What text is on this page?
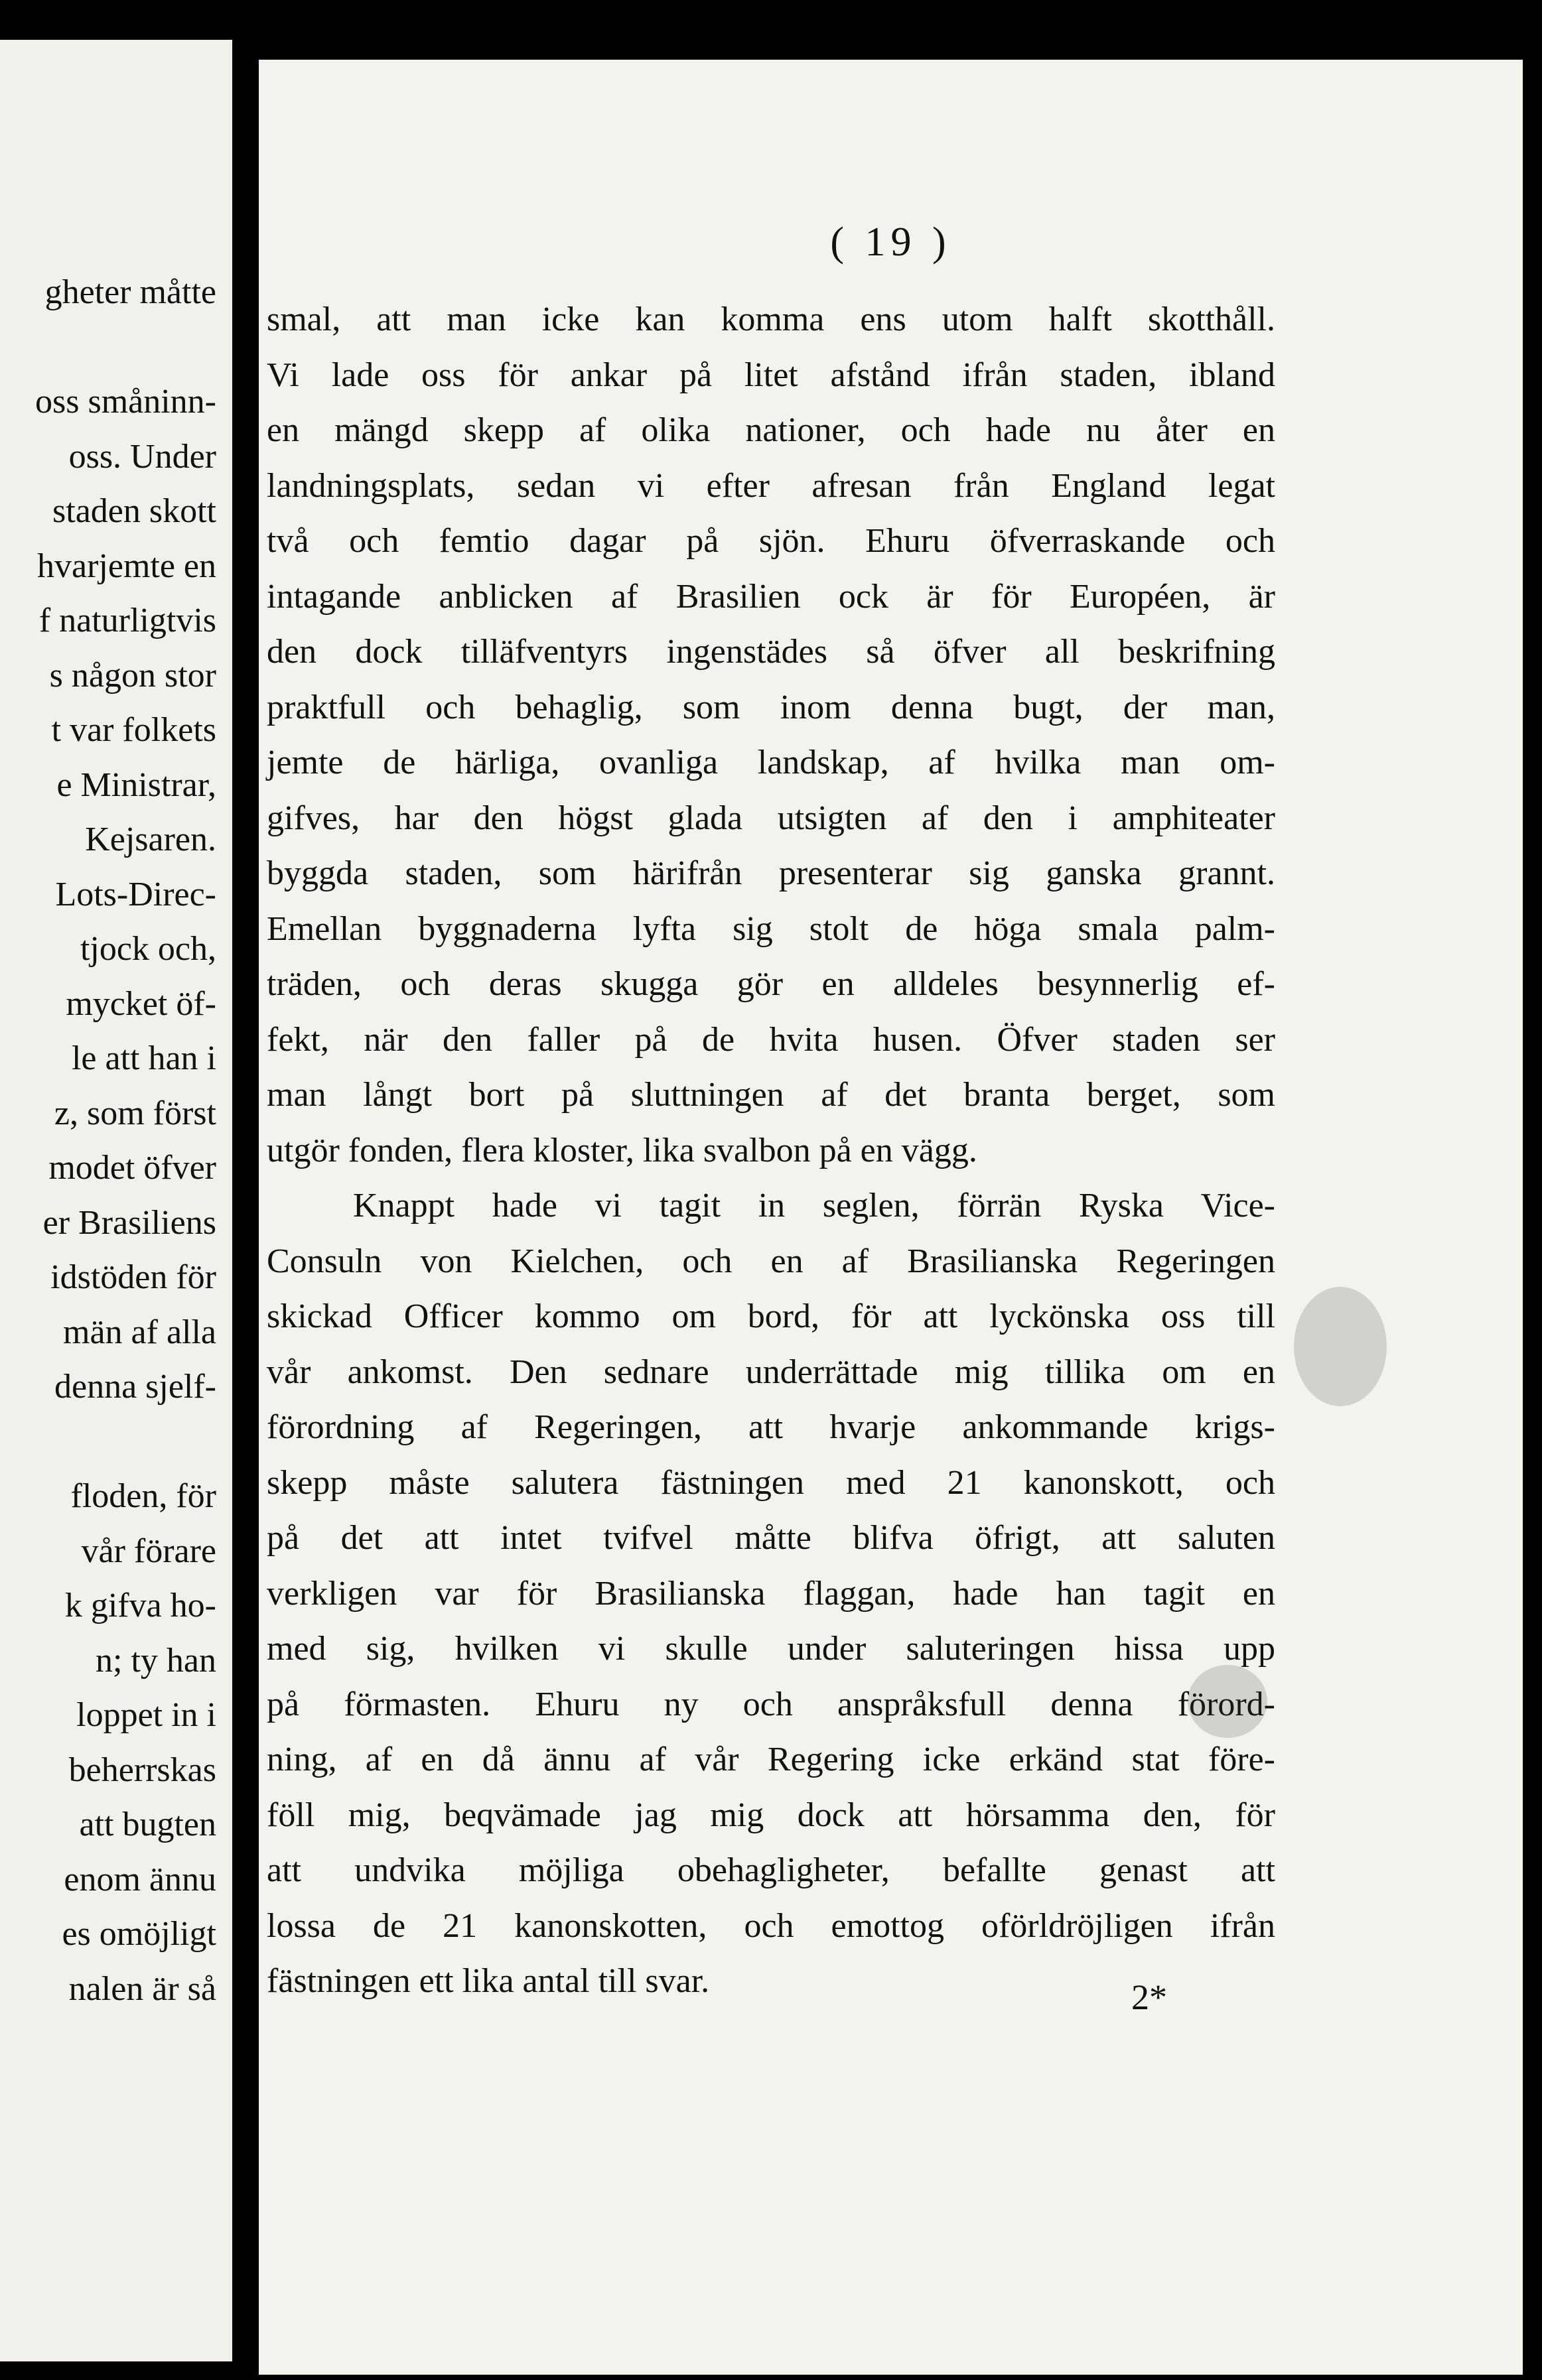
gheter måtte
oss småninn-
oss. Under
staden skott
hvarjemte en
f naturligtvis
s någon stor
t var folkets
e Ministrar,
Kejsaren.
Lots-Direc-
tjock och,
mycket öf-
le att han i
z, som först
modet öfver
er Brasiliens
idstöden för
män af alla
denna sjelf-
floden, för
vår förare
k gifva ho-
n; ty han
loppet in i
beherrskas
att bugten
enom ännu
es omöjligt
nalen är så
( 19 )
smal, att man icke kan komma ens utom halft skotthåll.
Vi lade oss för ankar på litet afstånd ifrån staden, ibland
en mängd skepp af olika nationer, och hade nu åter en
landningsplats, sedan vi efter afresan från England legat
två och femtio dagar på sjön. Ehuru öfverraskande och
intagande anblicken af Brasilien ock är för Européen, är
den dock tilläfventyrs ingenstädes så öfver all beskrifning
praktfull och behaglig, som inom denna bugt, der man,
jemte de härliga, ovanliga landskap, af hvilka man om-
gifves, har den högst glada utsigten af den i amphiteater
byggda staden, som härifrån presenterar sig ganska grannt.
Emellan byggnaderna lyfta sig stolt de höga smala palm-
träden, och deras skugga gör en alldeles besynnerlig ef-
fekt, när den faller på de hvita husen. Öfver staden ser
man långt bort på sluttningen af det branta berget, som
utgör fonden, flera kloster, lika svalbon på en vägg.
Knappt hade vi tagit in seglen, förrän Ryska Vice-
Consuln von Kielchen, och en af Brasilianska Regeringen
skickad Officer kommo om bord, för att lyckönska oss till
vår ankomst. Den sednare underrättade mig tillika om en
förordning af Regeringen, att hvarje ankommande krigs-
skepp måste salutera fästningen med 21 kanonskott, och
på det att intet tvifvel måtte blifva öfrigt, att saluten
verkligen var för Brasilianska flaggan, hade han tagit en
med sig, hvilken vi skulle under saluteringen hissa upp
på förmasten. Ehuru ny och anspråksfull denna förord-
ning, af en då ännu af vår Regering icke erkänd stat före-
föll mig, beqvämade jag mig dock att hörsamma den, för
att undvika möjliga obehagligheter, befallte genast att
lossa de 21 kanonskotten, och emottog oförldröjligen ifrån
fästningen ett lika antal till svar.	2*
